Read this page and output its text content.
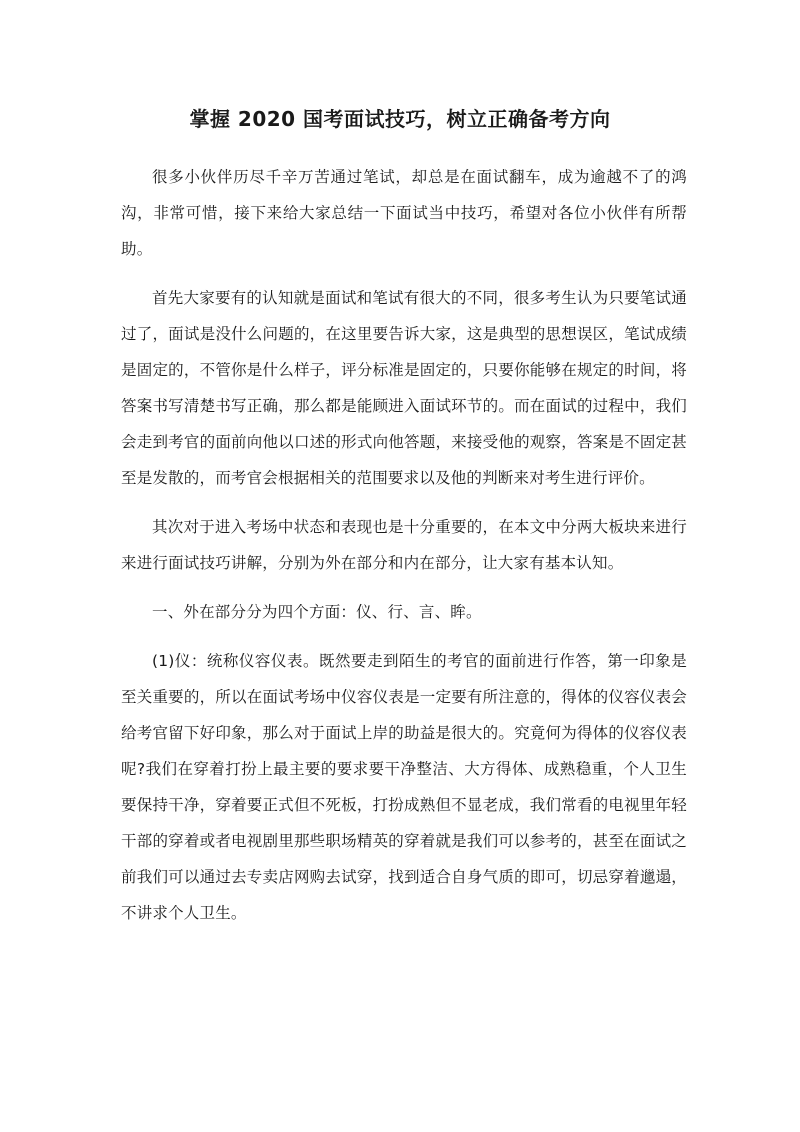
掌握 2020 国考面试技巧，树立正确备考方向

很多小伙伴历尽千辛万苦通过笔试，却总是在面试翻车，成为逾越不了的鸿沟，非常可惜，接下来给大家总结一下面试当中技巧，希望对各位小伙伴有所帮助。

首先大家要有的认知就是面试和笔试有很大的不同，很多考生认为只要笔试通过了，面试是没什么问题的，在这里要告诉大家，这是典型的思想误区，笔试成绩是固定的，不管你是什么样子，评分标准是固定的，只要你能够在规定的时间，将答案书写清楚书写正确，那么都是能顾进入面试环节的。而在面试的过程中，我们会走到考官的面前向他以口述的形式向他答题，来接受他的观察，答案是不固定甚至是发散的，而考官会根据相关的范围要求以及他的判断来对考生进行评价。

其次对于进入考场中状态和表现也是十分重要的，在本文中分两大板块来进行来进行面试技巧讲解，分别为外在部分和内在部分，让大家有基本认知。

一、外在部分分为四个方面：仪、行、言、眸。

(1)仪：统称仪容仪表。既然要走到陌生的考官的面前进行作答，第一印象是至关重要的，所以在面试考场中仪容仪表是一定要有所注意的，得体的仪容仪表会给考官留下好印象，那么对于面试上岸的助益是很大的。究竟何为得体的仪容仪表呢?我们在穿着打扮上最主要的要求要干净整洁、大方得体、成熟稳重，个人卫生要保持干净，穿着要正式但不死板，打扮成熟但不显老成，我们常看的电视里年轻干部的穿着或者电视剧里那些职场精英的穿着就是我们可以参考的，甚至在面试之前我们可以通过去专卖店网购去试穿，找到适合自身气质的即可，切忌穿着邋遢，不讲求个人卫生。
